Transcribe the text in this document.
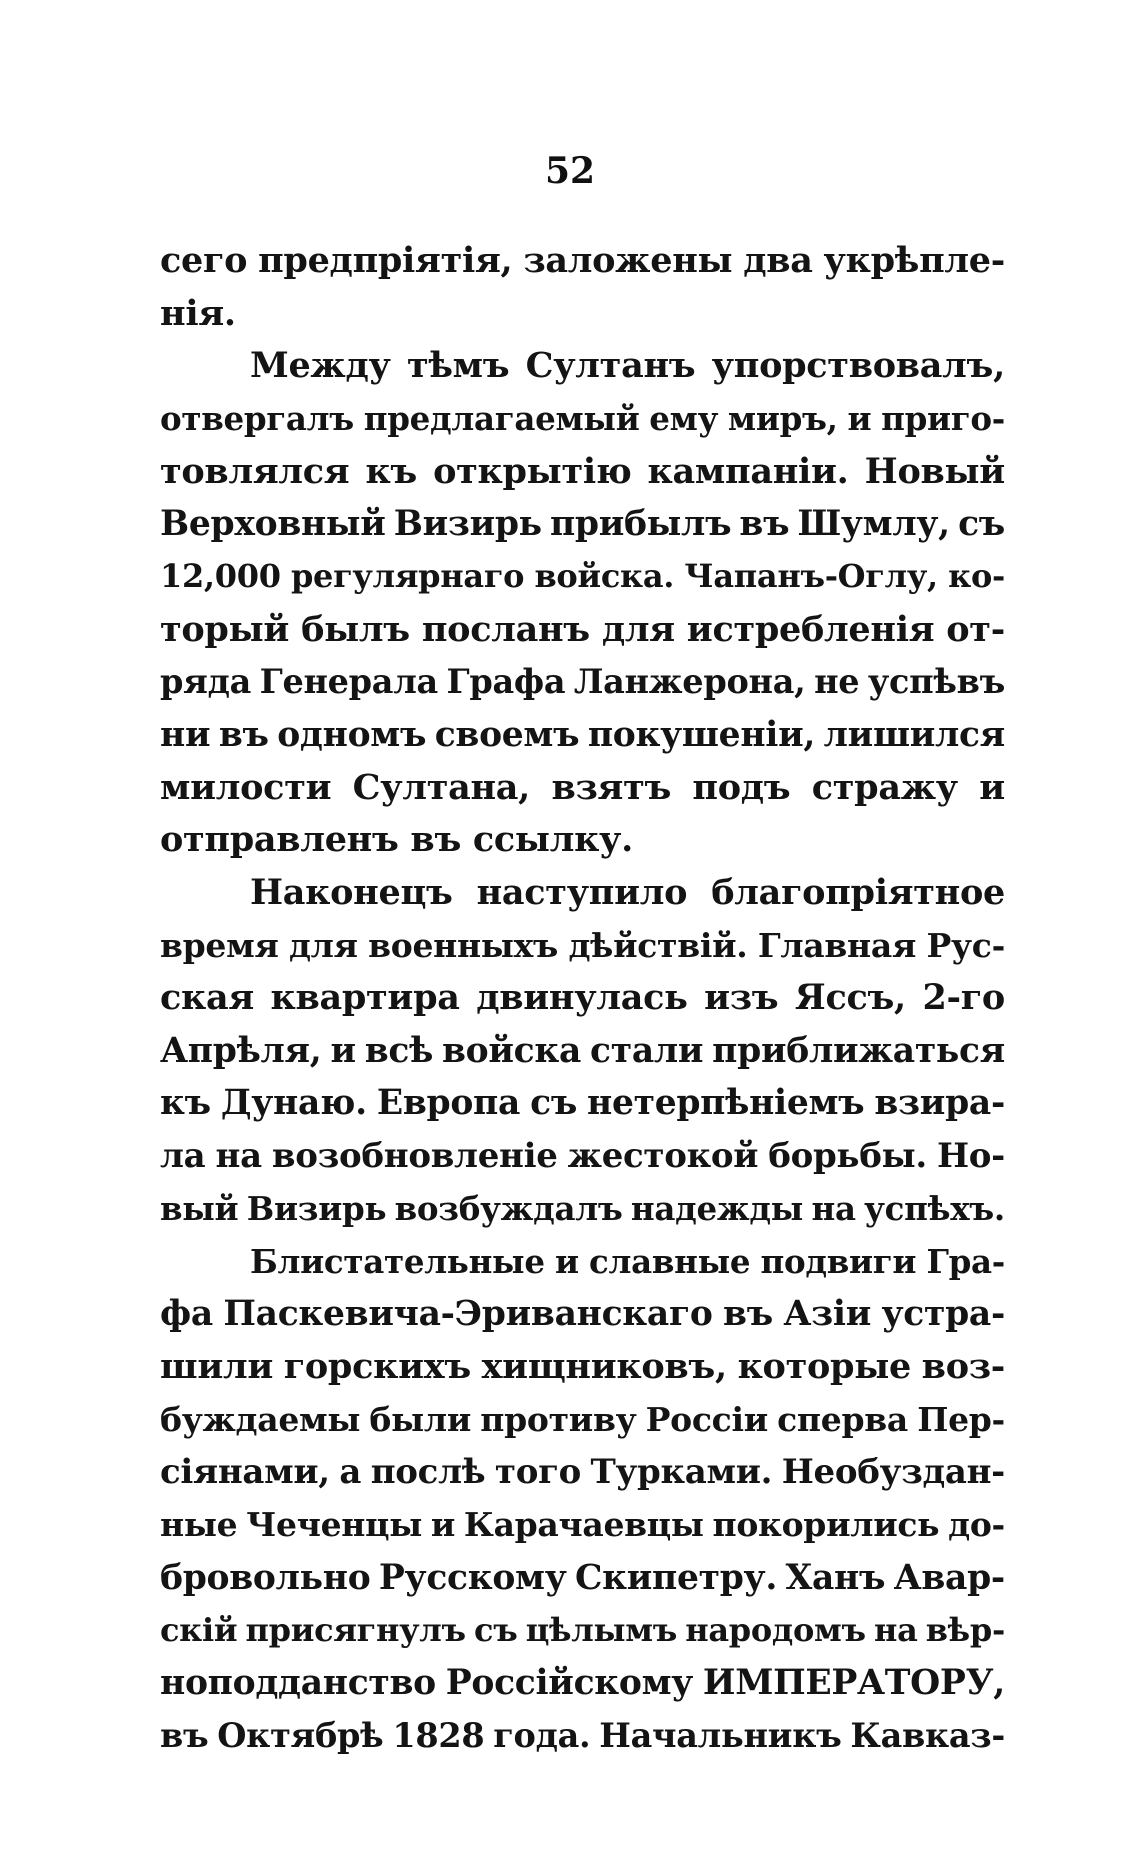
52
сего предпріятія, заложены два укрѣпле-
нія.
Между тѣмъ Султанъ упорствовалъ,
отвергалъ предлагаемый ему миръ, и приго-
товлялся къ открытію кампаніи. Новый
Верховный Визирь прибылъ въ Шумлу, съ
12,000 регулярнаго войска. Чапанъ-Оглу, ко-
торый былъ посланъ для истребленія от-
ряда Генерала Графа Ланжерона, не успѣвъ
ни въ одномъ своемъ покушеніи, лишился
милости Султана, взятъ подъ стражу и
отправленъ
въ
ссылку.
Наконецъ наступило благопріятное
время для военныхъ дѣйствій. Главная Рус-
ская квартира двинулась изъ Яссъ, 2-го
Апрѣля, и всѣ войска стали приближаться
къ Дунаю. Европа съ нетерпѣніемъ взира-
ла на возобновленіе жестокой борьбы. Но-
вый Визирь возбуждалъ надежды на успѣхъ.
Блистательные и славные подвиги Гра-
фа Паскевича-Эриванскаго въ Азіи устра-
шили горскихъ хищниковъ, которые воз-
буждаемы были противу Россіи сперва Пер-
сіянами, а послѣ того Турками. Необуздан-
ные Чеченцы и Карачаевцы покорились до-
бровольно Русскому Скипетру. Ханъ Авар-
скій присягнулъ съ цѣлымъ народомъ на вѣр-
ноподданство Россійскому ИМПЕРАТОРУ,
въ Октябрѣ 1828 года. Начальникъ Кавказ-
